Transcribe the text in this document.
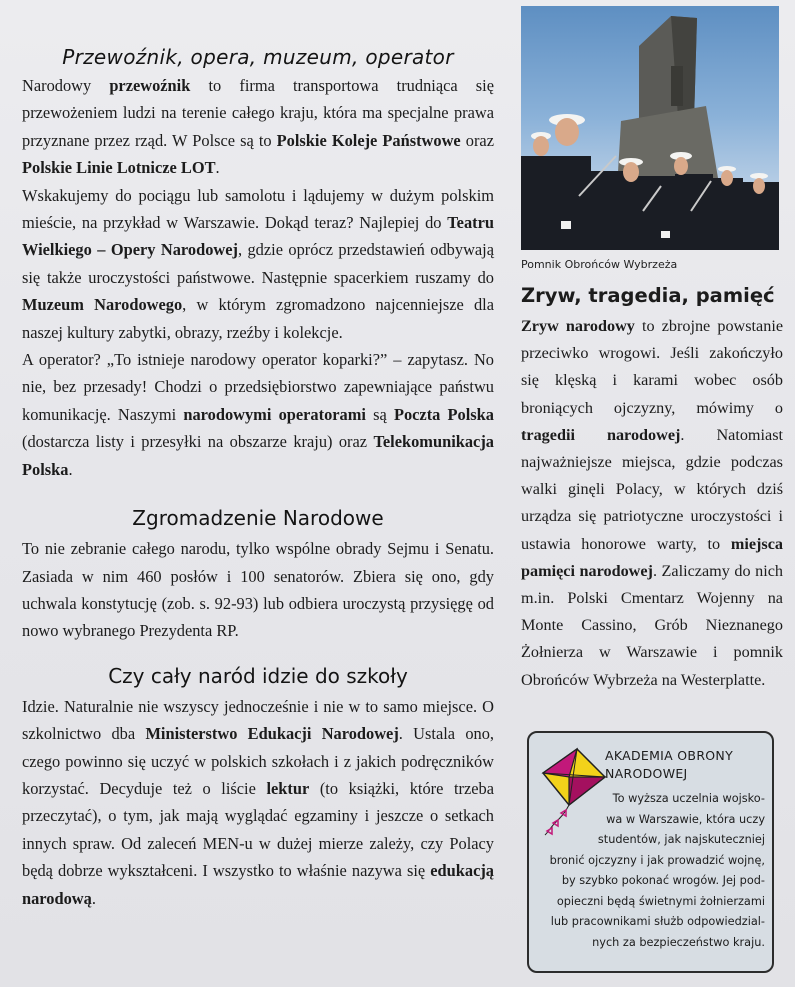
Przewoźnik, opera, muzeum, operator

Narodowy przewoźnik to firma transportowa trudniąca się przewożeniem ludzi na terenie całego kraju, która ma specjalne prawa przyznane przez rząd. W Polsce są to Polskie Koleje Państwowe oraz Polskie Linie Lotnicze LOT.

Wskakujemy do pociągu lub samolotu i lądujemy w dużym polskim mieście, na przykład w Warszawie. Dokąd teraz? Najlepiej do Teatru Wielkiego – Opery Narodowej, gdzie oprócz przedstawień odbywają się także uroczystości państwowe. Następnie spacerkiem ruszamy do Muzeum Narodowego, w którym zgromadzono najcenniejsze dla naszej kultury zabytki, obrazy, rzeźby i kolekcje.

A operator? „To istnieje narodowy operator koparki?” – zapytasz. No nie, bez przesady! Chodzi o przedsiębiorstwo zapewniające państwu komunikację. Naszymi narodowymi operatorami są Poczta Polska (dostarcza listy i przesyłki na obszarze kraju) oraz Telekomunikacja Polska.

Zgromadzenie Narodowe

To nie zebranie całego narodu, tylko wspólne obrady Sejmu i Senatu. Zasiada w nim 460 posłów i 100 senatorów. Zbiera się ono, gdy uchwala konstytucję (zob. s. 92-93) lub odbiera uroczystą przysięgę od nowo wybranego Prezydenta RP.

Czy cały naród idzie do szkoły

Idzie. Naturalnie nie wszyscy jednocześnie i nie w to samo miejsce. O szkolnictwo dba Ministerstwo Edukacji Narodowej. Ustala ono, czego powinno się uczyć w polskich szkołach i z jakich podręczników korzystać. Decyduje też o liście lektur (to książki, które trzeba przeczytać), o tym, jak mają wyglądać egzaminy i jeszcze o setkach innych spraw. Od zaleceń MEN-u w dużej mierze zależy, czy Polacy będą dobrze wykształceni. I wszystko to właśnie nazywa się edukacją narodową.

Pomnik Obrońców Wybrzeża
Zryw, tragedia, pamięć

Zryw narodowy to zbrojne powstanie przeciwko wrogowi. Jeśli zakończyło się klęską i karami wobec osób broniących ojczyzny, mówimy o tragedii narodowej. Natomiast najważniejsze miejsca, gdzie podczas walki ginęli Polacy, w których dziś urządza się patriotyczne uroczystości i ustawia honorowe warty, to miejsca pamięci narodowej. Zaliczamy do nich m.in. Polski Cmentarz Wojenny na Monte Cassino, Grób Nieznanego Żołnierza w Warszawie i pomnik Obrońców Wybrzeża na Westerplatte.

AKADEMIA OBRONY
NARODOWEJ
To wyższa uczelnia wojsko-
wa w Warszawie, która uczy
studentów, jak najskuteczniej
bronić ojczyzny i jak prowadzić wojnę,
by szybko pokonać wrogów. Jej pod-
opieczni będą świetnymi żołnierzami
lub pracownikami służb odpowiedzial-
nych za bezpieczeństwo kraju.
